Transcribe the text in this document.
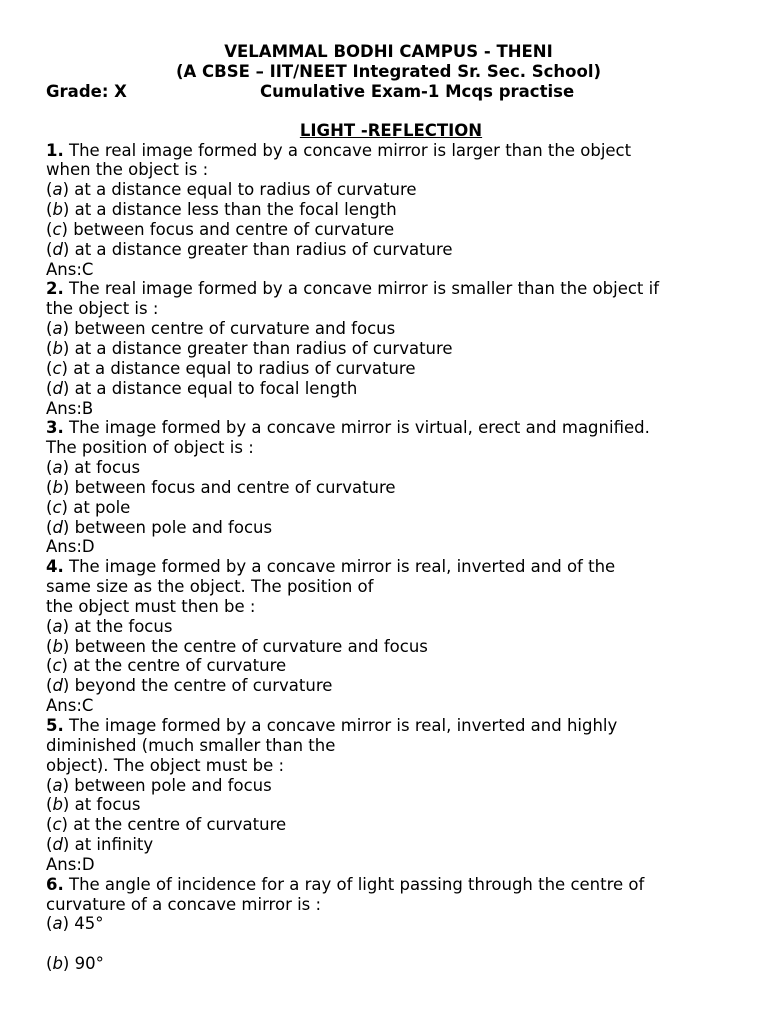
VELAMMAL BODHI CAMPUS - THENI

(A CBSE – IIT/NEET Integrated Sr. Sec. School)

Grade: X	Cumulative Exam-1 Mcqs practise

LIGHT -REFLECTION

1. The real image formed by a concave mirror is larger than the object

when the object is :

(a) at a distance equal to radius of curvature

(b) at a distance less than the focal length

(c) between focus and centre of curvature

(d) at a distance greater than radius of curvature

Ans:C

2. The real image formed by a concave mirror is smaller than the object if

the object is :

(a) between centre of curvature and focus

(b) at a distance greater than radius of curvature

(c) at a distance equal to radius of curvature

(d) at a distance equal to focal length

Ans:B

3. The image formed by a concave mirror is virtual, erect and magnified.

The position of object is :

(a) at focus

(b) between focus and centre of curvature

(c) at pole

(d) between pole and focus

Ans:D

4. The image formed by a concave mirror is real, inverted and of the

same size as the object. The position of

the object must then be :

(a) at the focus

(b) between the centre of curvature and focus

(c) at the centre of curvature

(d) beyond the centre of curvature

Ans:C

5. The image formed by a concave mirror is real, inverted and highly

diminished (much smaller than the

object). The object must be :

(a) between pole and focus

(b) at focus

(c) at the centre of curvature

(d) at infinity

Ans:D

6. The angle of incidence for a ray of light passing through the centre of

curvature of a concave mirror is :

(a) 45°

(b) 90°
